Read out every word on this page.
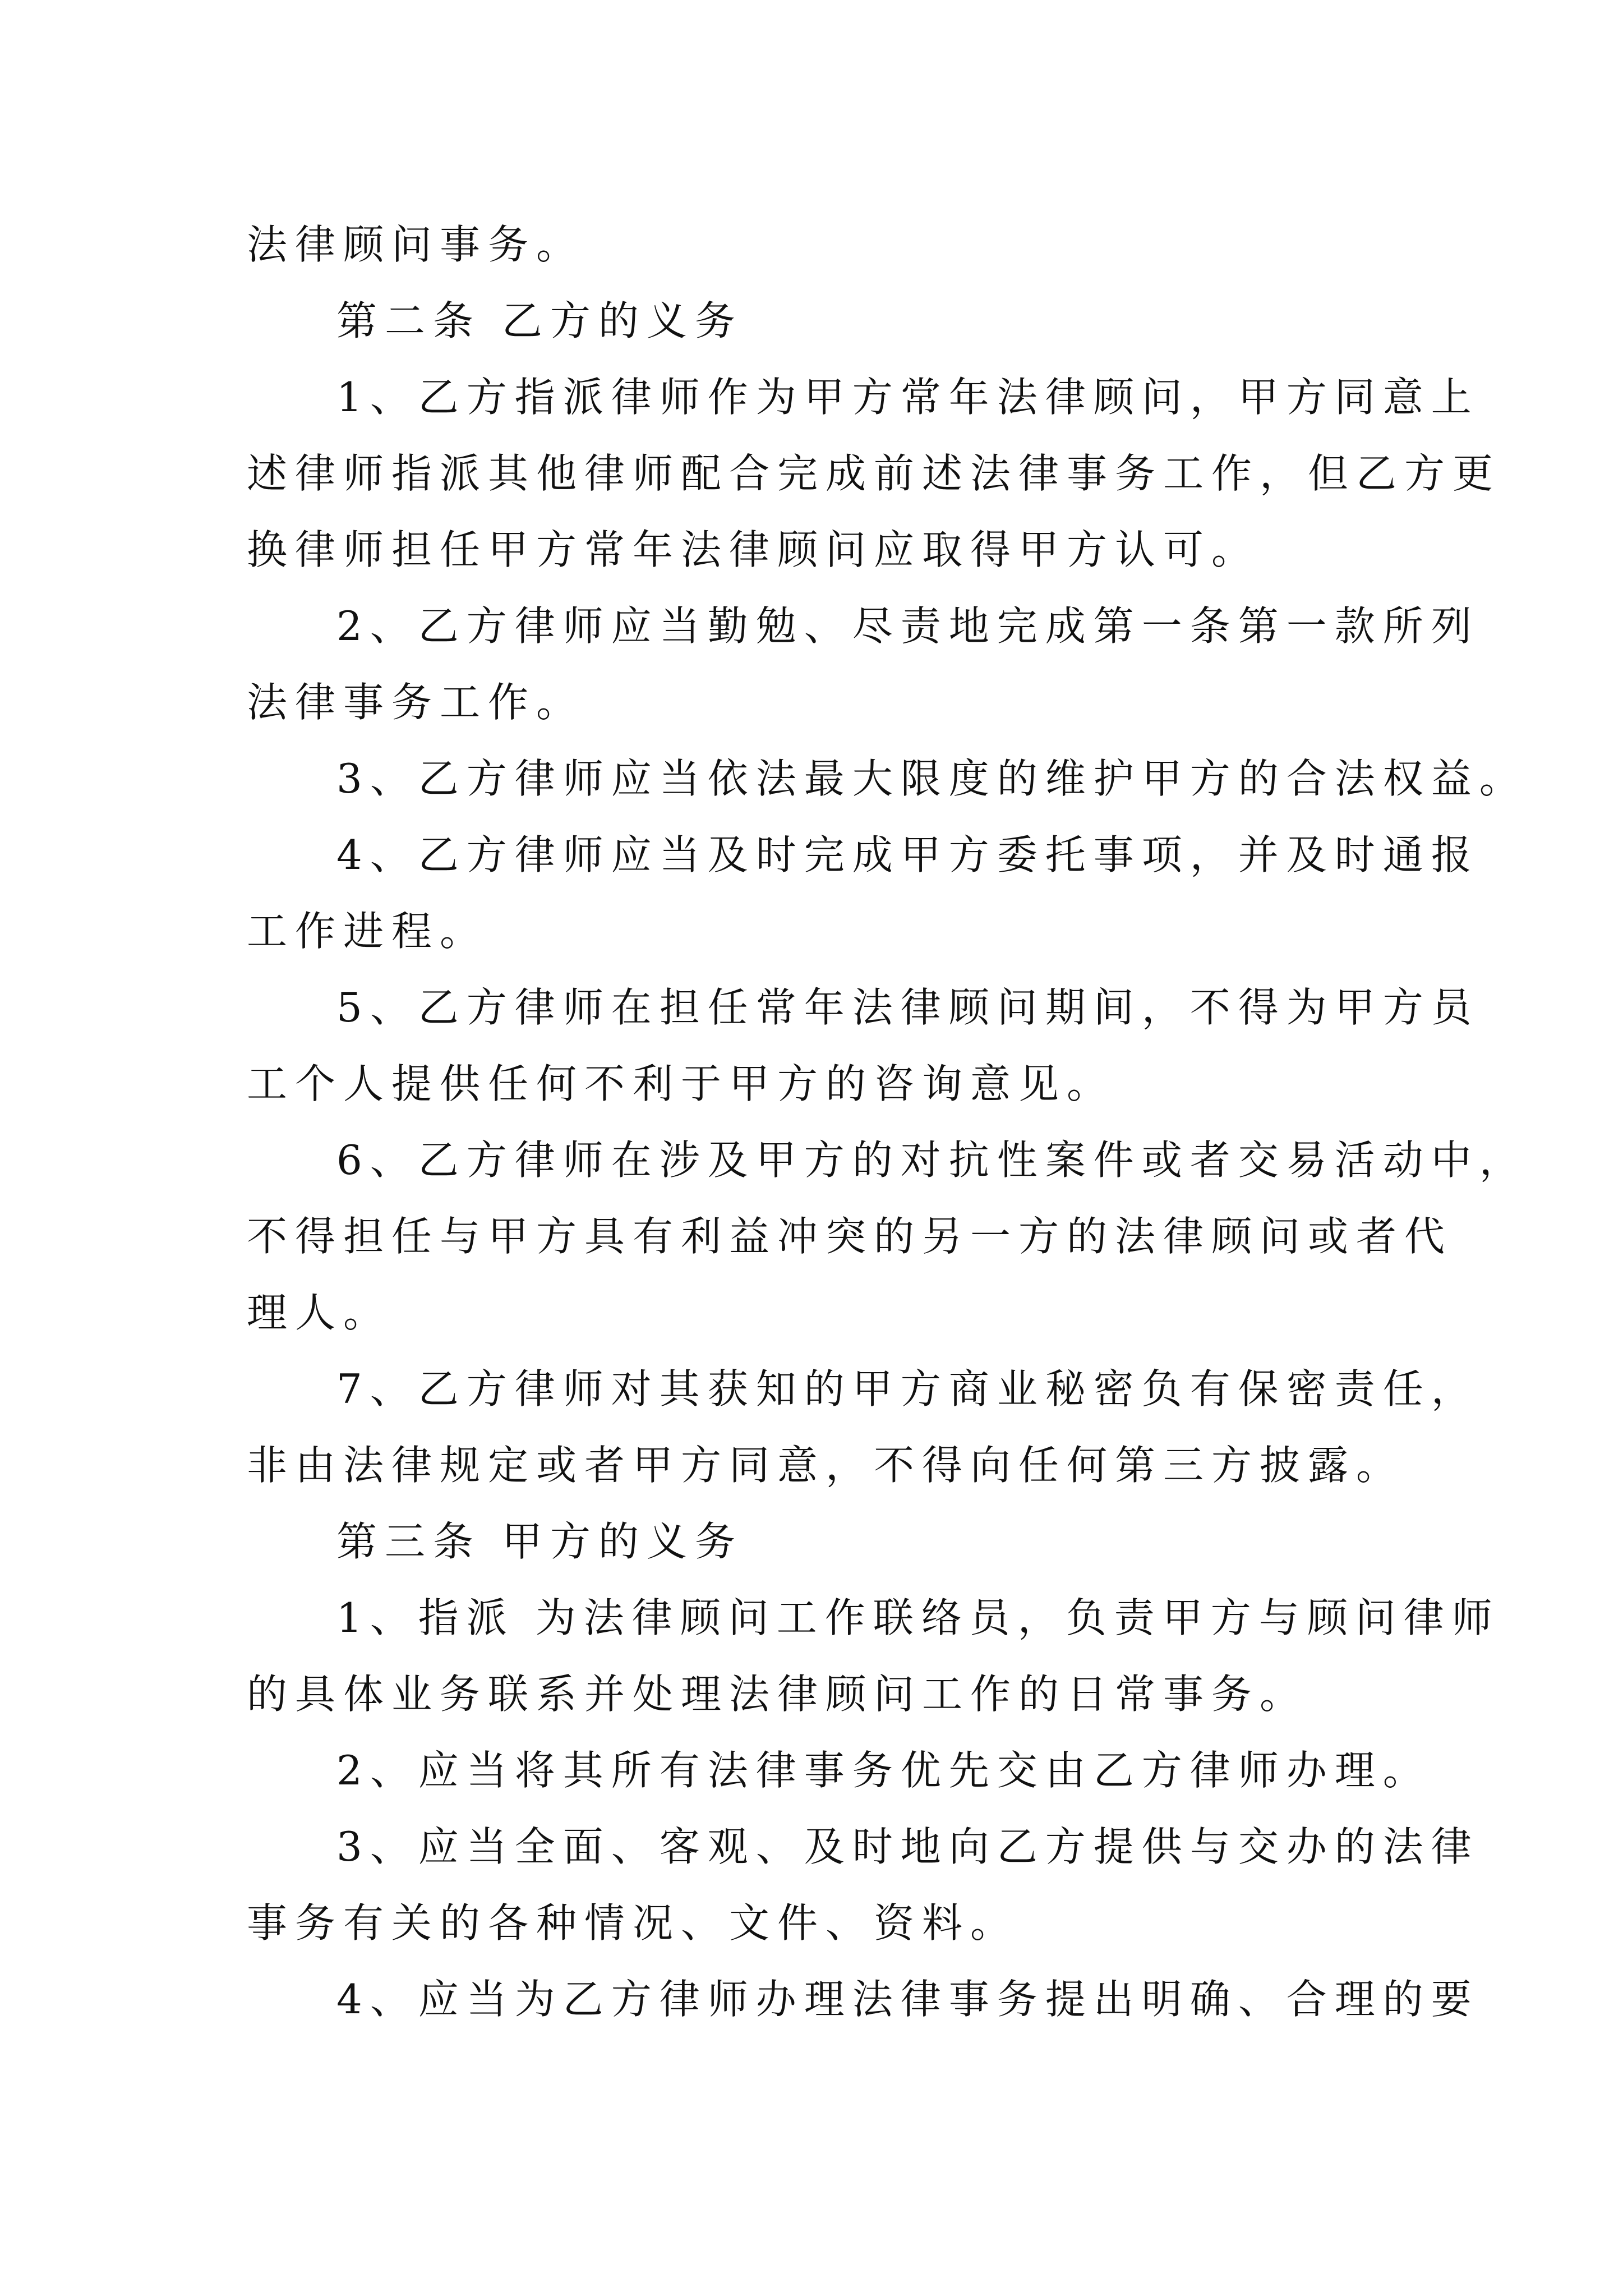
法律顾问事务。
第二条 乙方的义务
1、乙方指派律师作为甲方常年法律顾问，甲方同意上
述律师指派其他律师配合完成前述法律事务工作，但乙方更
换律师担任甲方常年法律顾问应取得甲方认可。
2、乙方律师应当勤勉、尽责地完成第一条第一款所列
法律事务工作。
3、乙方律师应当依法最大限度的维护甲方的合法权益。
4、乙方律师应当及时完成甲方委托事项，并及时通报
工作进程。
5、乙方律师在担任常年法律顾问期间，不得为甲方员
工个人提供任何不利于甲方的咨询意见。
6、乙方律师在涉及甲方的对抗性案件或者交易活动中，
不得担任与甲方具有利益冲突的另一方的法律顾问或者代
理人。
7、乙方律师对其获知的甲方商业秘密负有保密责任，
非由法律规定或者甲方同意，不得向任何第三方披露。
第三条 甲方的义务
1、指派 为法律顾问工作联络员，负责甲方与顾问律师
的具体业务联系并处理法律顾问工作的日常事务。
2、应当将其所有法律事务优先交由乙方律师办理。
3、应当全面、客观、及时地向乙方提供与交办的法律
事务有关的各种情况、文件、资料。
4、应当为乙方律师办理法律事务提出明确、合理的要
